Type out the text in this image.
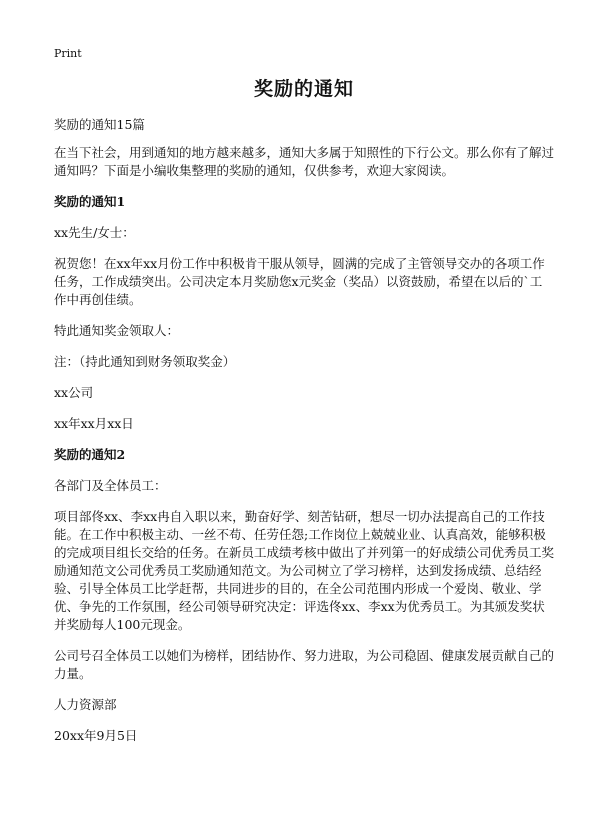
Print
奖励的通知

奖励的通知15篇

在当下社会，用到通知的地方越来越多，通知大多属于知照性的下行公文。那么你有了解过通知吗？下面是小编收集整理的奖励的通知，仅供参考，欢迎大家阅读。

奖励的通知1

xx先生/女士：

祝贺您！在xx年xx月份工作中积极肯干服从领导，圆满的完成了主管领导交办的各项工作任务，工作成绩突出。公司决定本月奖励您x元奖金（奖品）以资鼓励，希望在以后的`工作中再创佳绩。

特此通知奖金领取人：

注：（持此通知到财务领取奖金）

xx公司

xx年xx月xx日

奖励的通知2

各部门及全体员工：

项目部佟xx、李xx冉自入职以来，勤奋好学、刻苦钻研，想尽一切办法提高自己的工作技能。在工作中积极主动、一丝不苟、任劳任怨;工作岗位上兢兢业业、认真高效，能够积极的完成项目组长交给的任务。在新员工成绩考核中做出了并列第一的好成绩公司优秀员工奖励通知范文公司优秀员工奖励通知范文。为公司树立了学习榜样，达到发扬成绩、总结经验、引导全体员工比学赶帮，共同进步的目的，在全公司范围内形成一个爱岗、敬业、学优、争先的工作氛围，经公司领导研究决定：评选佟xx、李xx为优秀员工。为其颁发奖状并奖励每人100元现金。

公司号召全体员工以她们为榜样，团结协作、努力进取，为公司稳固、健康发展贡献自己的力量。

人力资源部

20xx年9月5日
